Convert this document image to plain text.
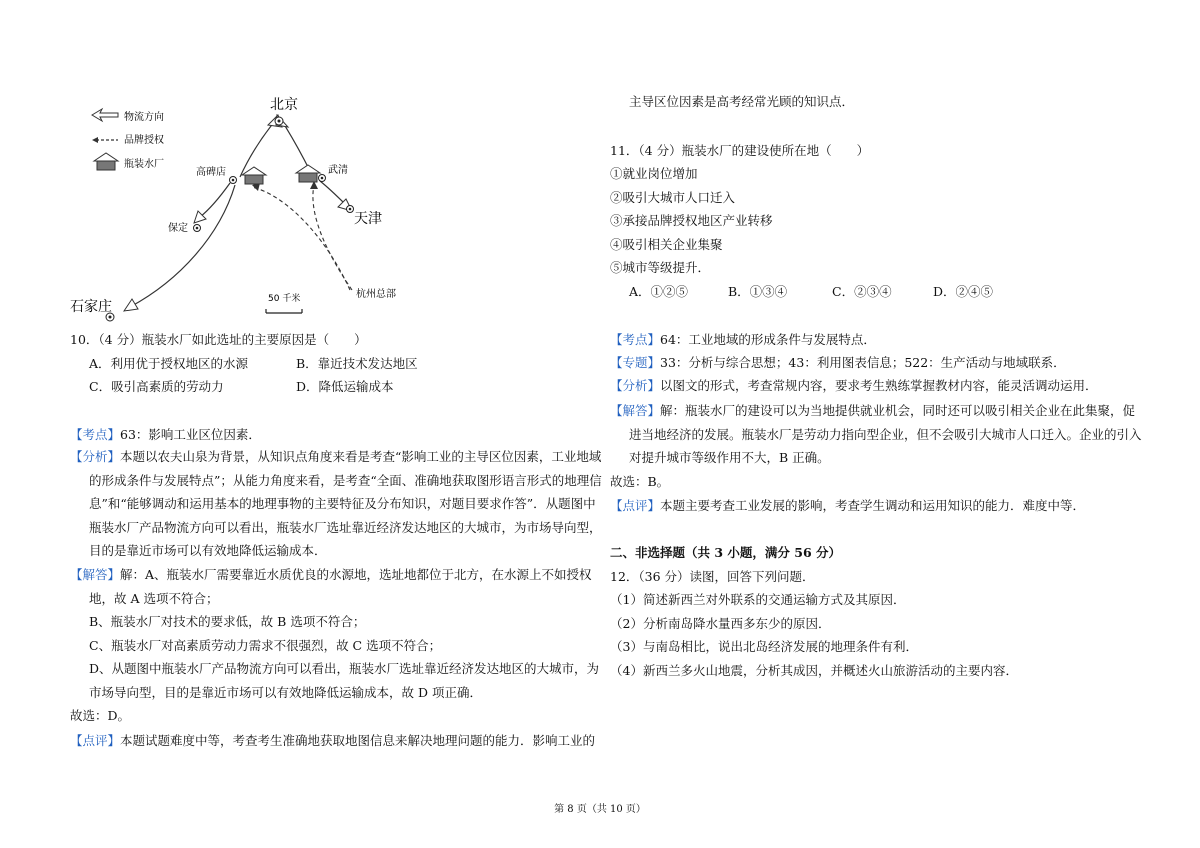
物流方向
品牌授权
瓶装水厂
北京
高碑店	武清
天津
保定
石家庄
杭州总部
50 千米
10．（4 分）瓶装水厂如此选址的主要原因是（　　）
A．利用优于授权地区的水源	B．靠近技术发达地区
C．吸引高素质的劳动力	D．降低运输成本
【考点】63：影响工业区位因素．
【分析】本题以农夫山泉为背景，从知识点角度来看是考查“影响工业的主导区位因素，工业地域
的形成条件与发展特点”；从能力角度来看，是考查“全面、准确地获取图形语言形式的地理信
息”和“能够调动和运用基本的地理事物的主要特征及分布知识，对题目要求作答”．从题图中
瓶装水厂产品物流方向可以看出，瓶装水厂选址靠近经济发达地区的大城市，为市场导向型，
目的是靠近市场可以有效地降低运输成本．
【解答】解：A、瓶装水厂需要靠近水质优良的水源地，选址地都位于北方，在水源上不如授权
地，故 A 选项不符合；
B、瓶装水厂对技术的要求低，故 B 选项不符合；
C、瓶装水厂对高素质劳动力需求不很强烈，故 C 选项不符合；
D、从题图中瓶装水厂产品物流方向可以看出，瓶装水厂选址靠近经济发达地区的大城市，为
市场导向型，目的是靠近市场可以有效地降低运输成本，故 D 项正确．
故选：D。
【点评】本题试题难度中等，考查考生准确地获取地图信息来解决地理问题的能力．影响工业的
主导区位因素是高考经常光顾的知识点．
11．（4 分）瓶装水厂的建设使所在地（　　）
①就业岗位增加
②吸引大城市人口迁入
③承接品牌授权地区产业转移
④吸引相关企业集聚
⑤城市等级提升．
A．①②⑤	B．①③④	C．②③④	D．②④⑤
【考点】64：工业地域的形成条件与发展特点．
【专题】33：分析与综合思想；43：利用图表信息；522：生产活动与地域联系．
【分析】以图文的形式，考查常规内容，要求考生熟练掌握教材内容，能灵活调动运用．
【解答】解：瓶装水厂的建设可以为当地提供就业机会，同时还可以吸引相关企业在此集聚，促
进当地经济的发展。瓶装水厂是劳动力指向型企业，但不会吸引大城市人口迁入。企业的引入
对提升城市等级作用不大，B 正确。
故选：B。
【点评】本题主要考查工业发展的影响，考查学生调动和运用知识的能力．难度中等．
二、非选择题（共 3 小题，满分 56 分）
12．（36 分）读图，回答下列问题．
（1）简述新西兰对外联系的交通运输方式及其原因．
（2）分析南岛降水量西多东少的原因．
（3）与南岛相比，说出北岛经济发展的地理条件有利．
（4）新西兰多火山地震，分析其成因，并概述火山旅游活动的主要内容．
第 8 页（共 10 页）
